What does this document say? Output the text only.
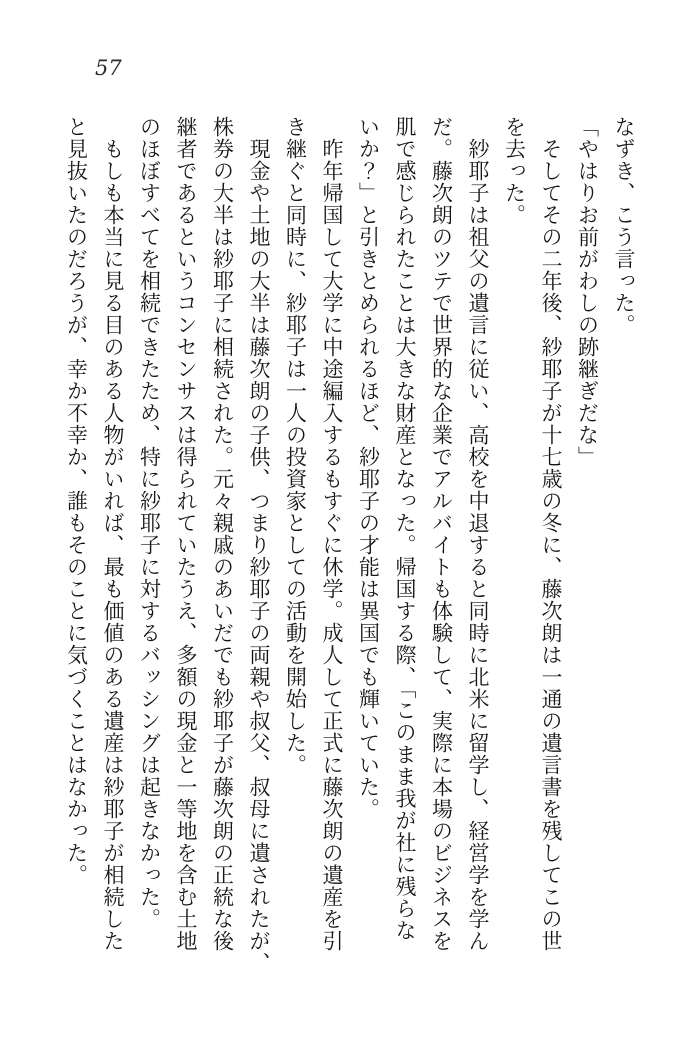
57
なずき、こう言った。
「やはりお前がわしの跡継ぎだな」
　そしてその二年後、紗耶子が十七歳の冬に、藤次朗は一通の遺言書を残してこの世
を去った。
　紗耶子は祖父の遺言に従い、高校を中退すると同時に北米に留学し、経営学を学ん
だ。藤次朗のツテで世界的な企業でアルバイトも体験して、実際に本場のビジネスを
肌で感じられたことは大きな財産となった。帰国する際、「このまま我が社に残らな
いか？」と引きとめられるほど、紗耶子の才能は異国でも輝いていた。
　昨年帰国して大学に中途編入するもすぐに休学。成人して正式に藤次朗の遺産を引
き継ぐと同時に、紗耶子は一人の投資家としての活動を開始した。
　現金や土地の大半は藤次朗の子供、つまり紗耶子の両親や叔父、叔母に遺されたが、
株券の大半は紗耶子に相続された。元々親戚のあいだでも紗耶子が藤次朗の正統な後
継者であるというコンセンサスは得られていたうえ、多額の現金と一等地を含む土地
のほぼすべてを相続できたため、特に紗耶子に対するバッシングは起きなかった。
　もしも本当に見る目のある人物がいれば、最も価値のある遺産は紗耶子が相続した
と見抜いたのだろうが、幸か不幸か、誰もそのことに気づくことはなかった。
